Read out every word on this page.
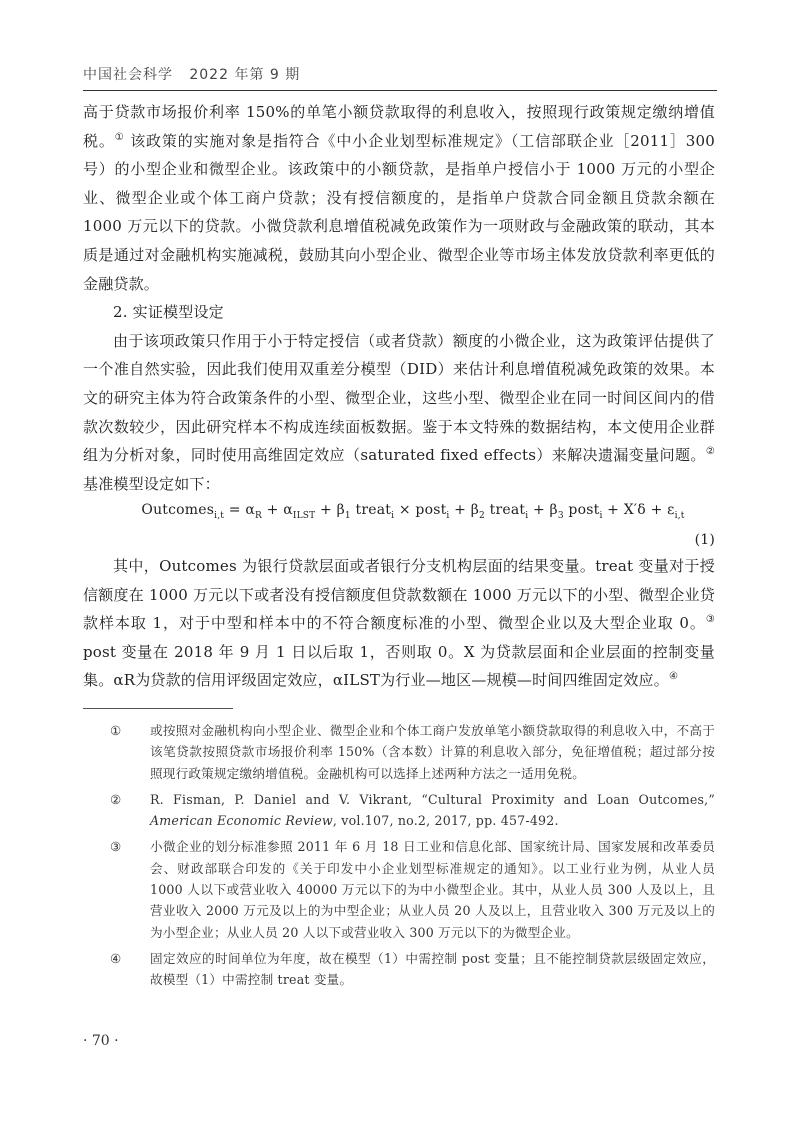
中国社会科学 2022 年第 9 期

高于贷款市场报价利率 150%的单笔小额贷款取得的利息收入，按照现行政策规定缴纳增值税。① 该政策的实施对象是指符合《中小企业划型标准规定》（工信部联企业［2011］300 号）的小型企业和微型企业。该政策中的小额贷款，是指单户授信小于 1000 万元的小型企业、微型企业或个体工商户贷款；没有授信额度的，是指单户贷款合同金额且贷款余额在 1000 万元以下的贷款。小微贷款利息增值税减免政策作为一项财政与金融政策的联动，其本质是通过对金融机构实施减税，鼓励其向小型企业、微型企业等市场主体发放贷款利率更低的金融贷款。

2. 实证模型设定

由于该项政策只作用于小于特定授信（或者贷款）额度的小微企业，这为政策评估提供了一个准自然实验，因此我们使用双重差分模型（DID）来估计利息增值税减免政策的效果。本文的研究主体为符合政策条件的小型、微型企业，这些小型、微型企业在同一时间区间内的借款次数较少，因此研究样本不构成连续面板数据。鉴于本文特殊的数据结构，本文使用企业群组为分析对象，同时使用高维固定效应（saturated fixed effects）来解决遗漏变量问题。② 基准模型设定如下：

Outcomes$_{i,t}$ = $\alpha_R + \alpha_{ILST} + \beta_1$ treat$_i$ × post$_i$ + $\beta_2$ treat$_i$ + $\beta_3$ post$_i$ + $X'\delta + \varepsilon_{i,t}$

(1)

其中，Outcomes 为银行贷款层面或者银行分支机构层面的结果变量。treat 变量对于授信额度在 1000 万元以下或者没有授信额度但贷款数额在 1000 万元以下的小型、微型企业贷款样本取 1，对于中型和样本中的不符合额度标准的小型、微型企业以及大型企业取 0。③ post 变量在 2018 年 9 月 1 日以后取 1，否则取 0。X 为贷款层面和企业层面的控制变量集。αR为贷款的信用评级固定效应，αILST为行业—地区—规模—时间四维固定效应。④

①	或按照对金融机构向小型企业、微型企业和个体工商户发放单笔小额贷款取得的利息收入中，不高于该笔贷款按照贷款市场报价利率 150%（含本数）计算的利息收入部分，免征增值税；超过部分按照现行政策规定缴纳增值税。金融机构可以选择上述两种方法之一适用免税。
②	R. Fisman, P. Daniel and V. Vikrant, “Cultural Proximity and Loan Outcomes,” American Economic Review, vol.107, no.2, 2017, pp. 457-492.
③	小微企业的划分标准参照 2011 年 6 月 18 日工业和信息化部、国家统计局、国家发展和改革委员会、财政部联合印发的《关于印发中小企业划型标准规定的通知》。以工业行业为例，从业人员 1000 人以下或营业收入 40000 万元以下的为中小微型企业。其中，从业人员 300 人及以上，且营业收入 2000 万元及以上的为中型企业；从业人员 20 人及以上，且营业收入 300 万元及以上的为小型企业；从业人员 20 人以下或营业收入 300 万元以下的为微型企业。
④	固定效应的时间单位为年度，故在模型（1）中需控制 post 变量；且不能控制贷款层级固定效应，故模型（1）中需控制 treat 变量。
· 70 ·
